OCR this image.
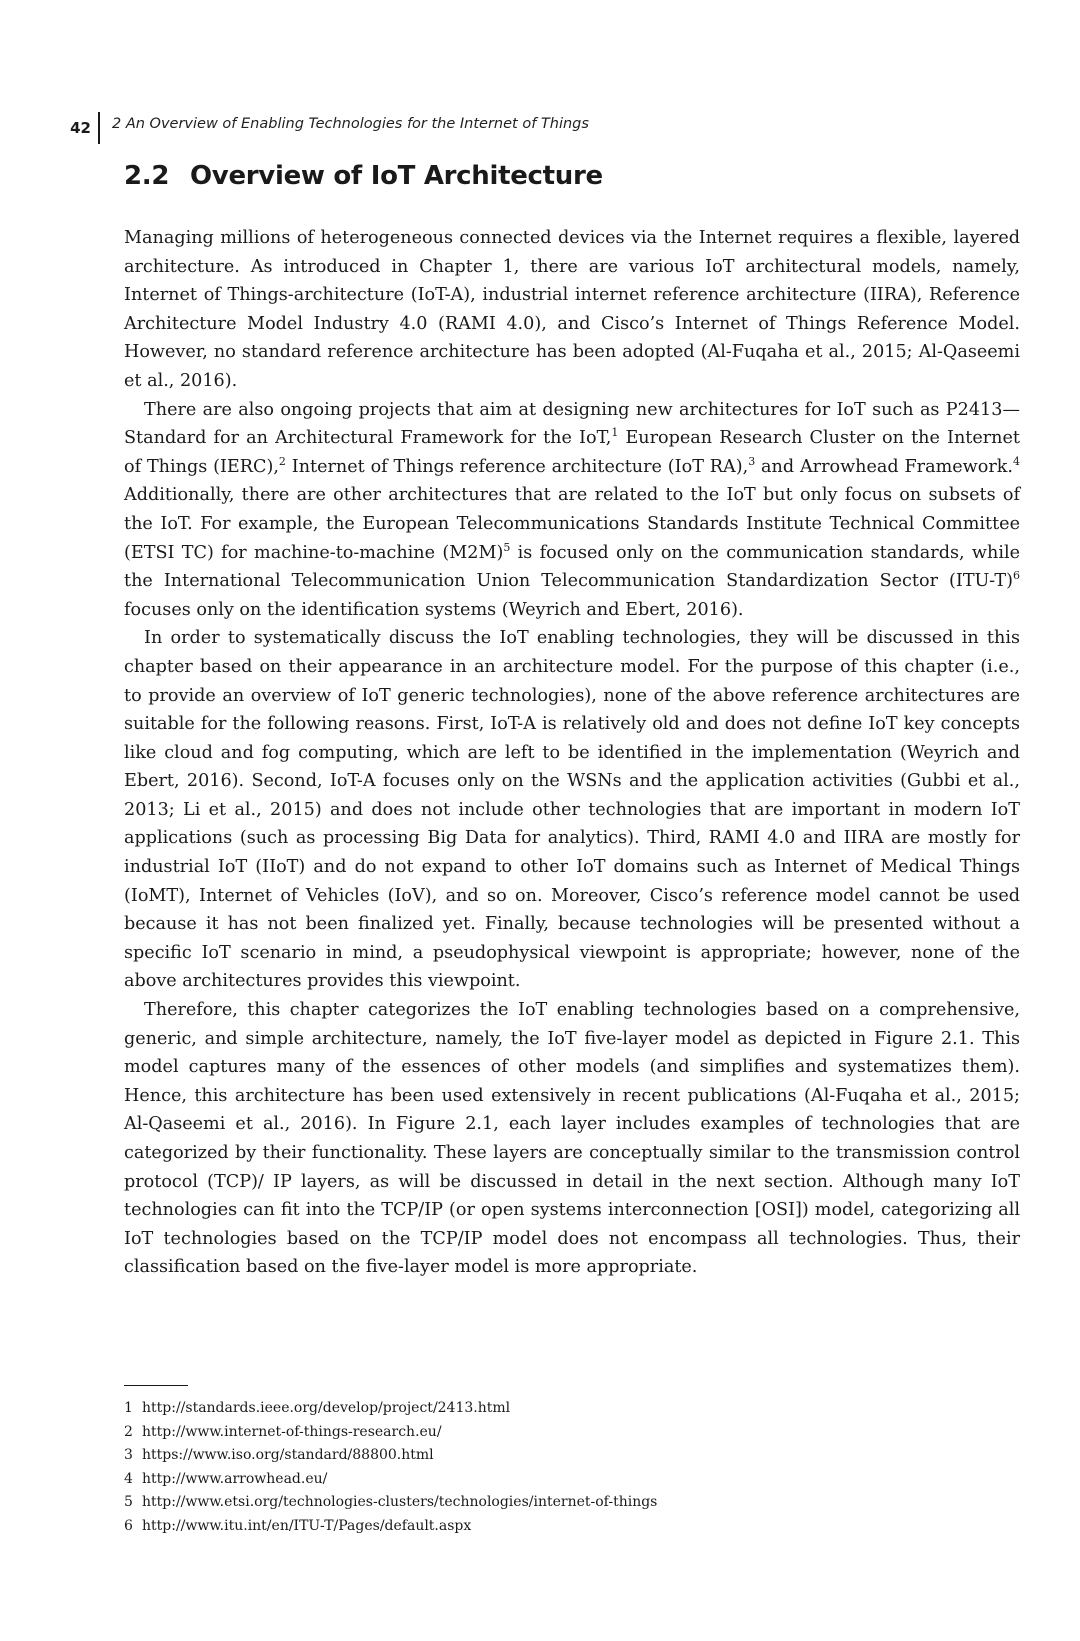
42	2 An Overview of Enabling Technologies for the Internet of Things
2.2 Overview of IoT Architecture

Managing millions of heterogeneous connected devices via the Internet requires a flexible, layered architecture. As introduced in Chapter 1, there are various IoT architectural models, namely, Internet of Things-architecture (IoT-A), industrial internet reference architecture (IIRA), Reference Architecture Model Industry 4.0 (RAMI 4.0), and Cisco’s Internet of Things Reference Model. However, no standard reference architecture has been adopted (Al-Fuqaha et al., 2015; Al-Qaseemi et al., 2016).

There are also ongoing projects that aim at designing new architectures for IoT such as P2413—Standard for an Architectural Framework for the IoT,$^1$ European Research Cluster on the Internet of Things (IERC),$^2$ Internet of Things reference architecture (IoT RA),$^3$ and Arrowhead Framework.$^4$ Additionally, there are other architectures that are related to the IoT but only focus on subsets of the IoT. For example, the European Telecommunications Standards Institute Technical Committee (ETSI TC) for machine-to-machine $(M2M)^5$ is focused only on the communication standards, while the International Telecommunication Union Telecommunication Standardization Sector $(ITU-T)^6$ focuses only on the identification systems (Weyrich and Ebert, 2016).

In order to systematically discuss the IoT enabling technologies, they will be discussed in this chapter based on their appearance in an architecture model. For the purpose of this chapter (i.e., to provide an overview of IoT generic technologies), none of the above reference architectures are suitable for the following reasons. First, IoT-A is relatively old and does not define IoT key concepts like cloud and fog computing, which are left to be identified in the implementation (Weyrich and Ebert, 2016). Second, IoT-A focuses only on the WSNs and the application activities (Gubbi et al., 2013; Li et al., 2015) and does not include other technologies that are important in modern IoT applications (such as processing Big Data for analytics). Third, RAMI 4.0 and IIRA are mostly for industrial IoT (IIoT) and do not expand to other IoT domains such as Internet of Medical Things (IoMT), Internet of Vehicles (IoV), and so on. Moreover, Cisco’s reference model cannot be used because it has not been finalized yet. Finally, because technologies will be presented without a specific IoT scenario in mind, a pseudophysical viewpoint is appropriate; however, none of the above architectures provides this viewpoint.

Therefore, this chapter categorizes the IoT enabling technologies based on a comprehensive, generic, and simple architecture, namely, the IoT five-layer model as depicted in Figure 2.1. This model captures many of the essences of other models (and simplifies and systematizes them). Hence, this architecture has been used extensively in recent publications (Al-Fuqaha et al., 2015; Al-Qaseemi et al., 2016). In Figure 2.1, each layer includes examples of technologies that are categorized by their functionality. These layers are conceptually similar to the transmission control protocol (TCP)/ IP layers, as will be discussed in detail in the next section. Although many IoT technologies can fit into the TCP/IP (or open systems interconnection [OSI]) model, categorizing all IoT technologies based on the TCP/IP model does not encompass all technologies. Thus, their classification based on the five-layer model is more appropriate.

1 http://standards.ieee.org/develop/project/2413.html
2 http://www.internet-of-things-research.eu/
3 https://www.iso.org/standard/88800.html
4 http://www.arrowhead.eu/
5 http://www.etsi.org/technologies-clusters/technologies/internet-of-things
6 http://www.itu.int/en/ITU-T/Pages/default.aspx
